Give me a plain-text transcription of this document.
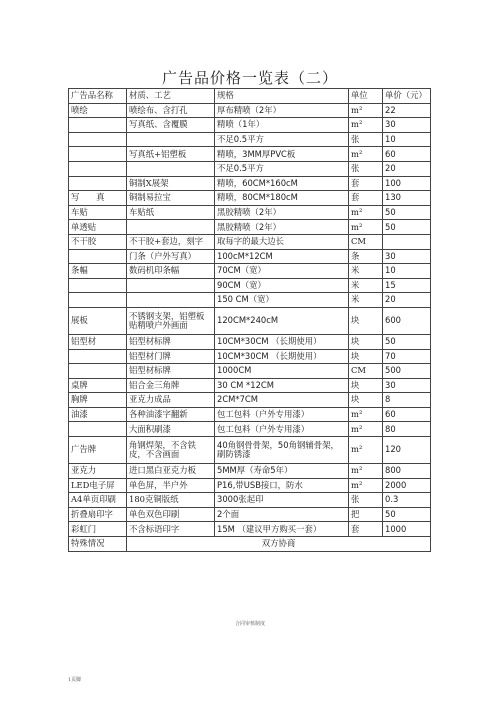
广告品价格一览表（二）
广告品名称	材质、工艺	规格	单位	单价（元）
喷绘	喷绘布、含打孔	厚布精喷（2年）	m²	22
	写真纸、含覆膜	精喷（1年）	m²	30
		不足0.5平方	张	10
	写真纸+铝塑板	精喷，3MM厚PVC板	m²	60
		不足0.5平方	张	20
	铜制X展架	精喷，60CM*160cM	套	100
写　　真	铜制易拉宝	精喷，80CM*180cM	套	130
车贴	车贴纸	黑胶精喷（2年）	m²	50
单透贴		黑胶精喷（2年）	m²	50
不干胶	不干胶+套边，刻字	取每字的最大边长	CM	
	门条（户外写真）	100cM*12CM	条	30
条幅	数码机印条幅	70CM（宽）	米	10
		90CM（宽）	米	15
		150 CM（宽）	米	20
展板	不锈钢支架，铝塑板贴精喷户外画面	120CM*240cM	块	600
铝型材	铝型材标牌	10CM*30CM （长期使用）	块	50
	铝型材门牌	10CM*30CM （长期使用）	块	70
	铝型材标牌	1000CM	CM	500
桌牌	铝合金三角牌	30 CM *12CM	块	30
胸牌	亚克力成品	2CM*7CM	块	8
油漆	各种油漆字翻新	包工包料（户外专用漆）	m²	60
	大面积刷漆	包工包料（户外专用漆）	m²	80
广告牌	角钢焊架，不含铁皮，不含画面	40角钢骨骨架，50角钢辅骨架，刷防锈漆	m²	120
亚克力	进口黑白亚克力板	5MM厚（寿命5年）	m²	800
LED电子屏	单色屏，半户外	P16,带USB接口，防水	m²	2000
A4单页印刷	180克铜版纸	3000张起印	张	0.3
折叠扇印字	单色双色印刷	2个面	把	50
彩虹门	不含标语印字	15M （建议甲方购买一套）	套	1000
特殊情况	双方协商			
合同审核制度
1页脚
